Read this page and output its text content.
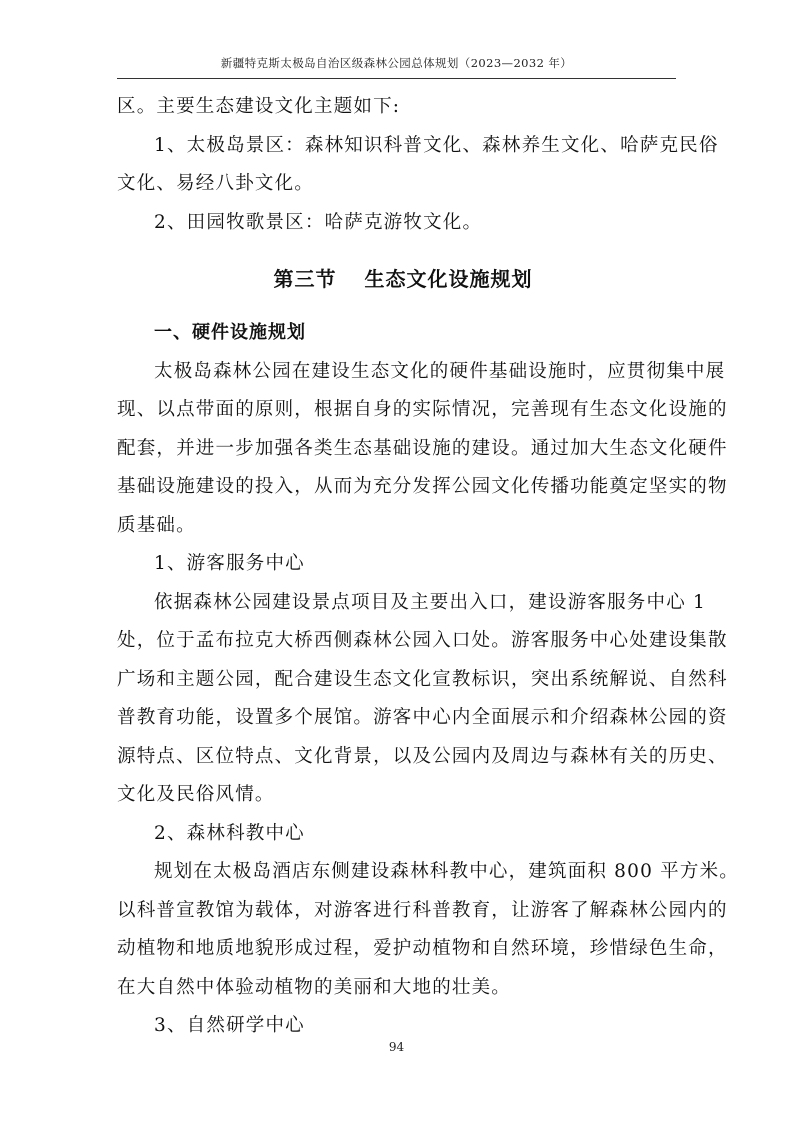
新疆特克斯太极岛自治区级森林公园总体规划（2023—2032 年）
区。主要生态建设文化主题如下:
1、太极岛景区：森林知识科普文化、森林养生文化、哈萨克民俗
文化、易经八卦文化。
2、田园牧歌景区：哈萨克游牧文化。
第三节 生态文化设施规划
一、硬件设施规划
太极岛森林公园在建设生态文化的硬件基础设施时，应贯彻集中展
现、以点带面的原则，根据自身的实际情况，完善现有生态文化设施的
配套，并进一步加强各类生态基础设施的建设。通过加大生态文化硬件
基础设施建设的投入，从而为充分发挥公园文化传播功能奠定坚实的物
质基础。
1、游客服务中心
依据森林公园建设景点项目及主要出入口，建设游客服务中心 1
处，位于孟布拉克大桥西侧森林公园入口处。游客服务中心处建设集散
广场和主题公园，配合建设生态文化宣教标识，突出系统解说、自然科
普教育功能，设置多个展馆。游客中心内全面展示和介绍森林公园的资
源特点、区位特点、文化背景，以及公园内及周边与森林有关的历史、
文化及民俗风情。
2、森林科教中心
规划在太极岛酒店东侧建设森林科教中心，建筑面积 800 平方米。
以科普宣教馆为载体，对游客进行科普教育，让游客了解森林公园内的
动植物和地质地貌形成过程，爱护动植物和自然环境，珍惜绿色生命，
在大自然中体验动植物的美丽和大地的壮美。
3、自然研学中心
94
